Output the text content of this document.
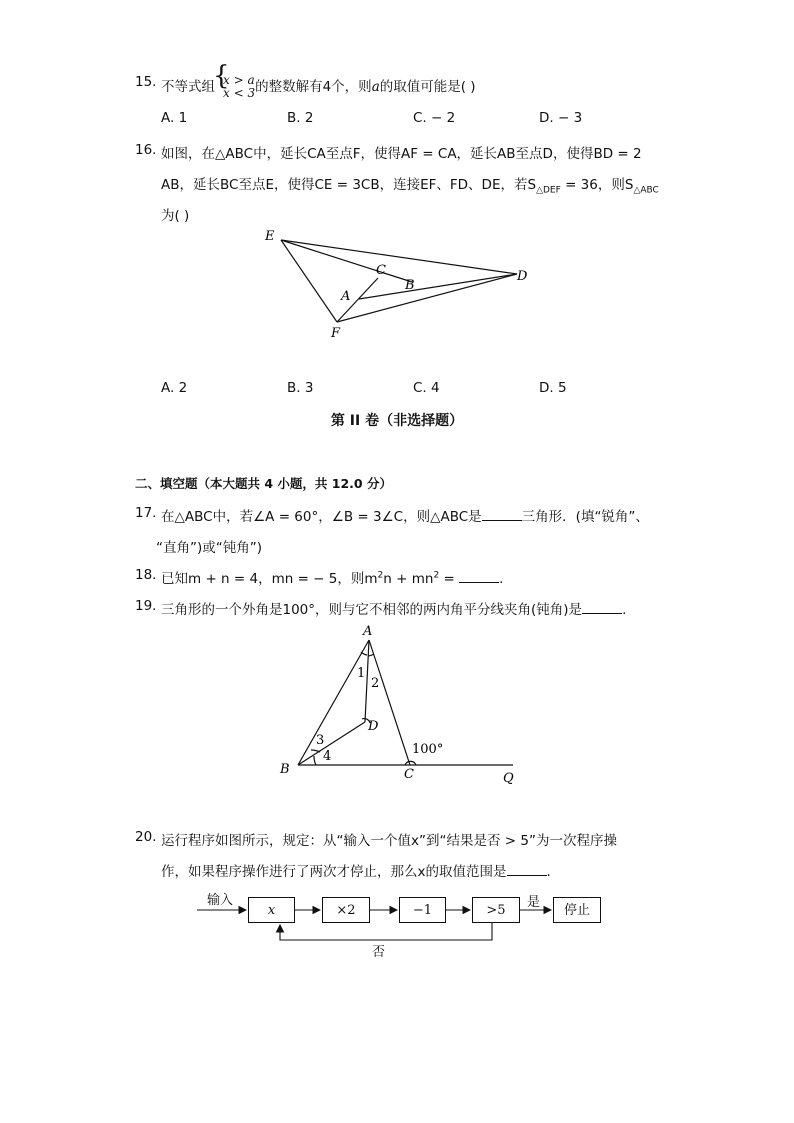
15. 不等式组
{ x > a
x < 3 的整数解有4个，则a的取值可能是( )
A. 1	B. 2	C. − 2	D. − 3
16. 如图，在△ABC中，延长CA至点F，使得AF = CA，延长AB至点D，使得BD = 2
AB，延长BC至点E，使得CE = 3CB，连接EF、FD、DE，若$S_{\triangle DEF} = 36$，则$S_{\triangle ABC}$
为( )
E
C
B
A
D
F
A. 2	B. 3	C. 4	D. 5
第 II 卷（非选择题）
二、填空题（本大题共 4 小题，共 12.0 分）
17. 在△ABC中，若∠A = 60°，∠B = 3∠C，则△ABC是	三角形．(填“锐角”、
“直角”)或“钝角”)
18. 已知m + n = 4，mn = − 5，则$m^2n + mn^2$ =	.
19. 三角形的一个外角是100°，则与它不相邻的两内角平分线夹角(钝角)是	.
A
1
2
D
3
4	100°
B	C	Q
20. 运行程序如图所示，规定：从“输入一个值x”到“结果是否 > 5”为一次程序操
作，如果程序操作进行了两次才停止，那么x的取值范围是	.
输入
x	×2	−1	>5
是
停止
否
